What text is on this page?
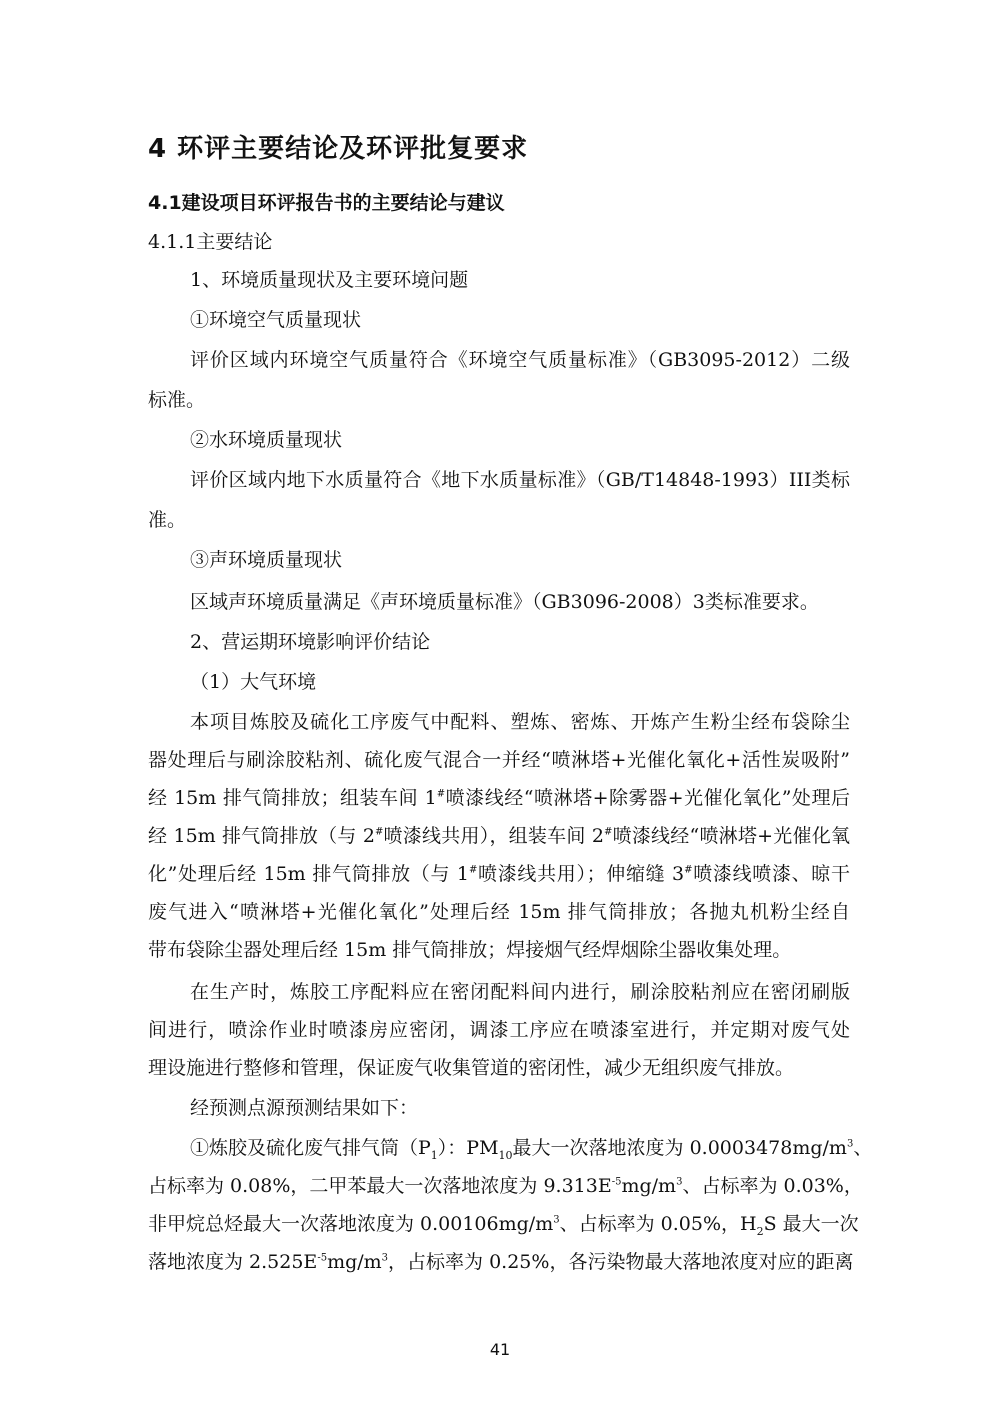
4 环评主要结论及环评批复要求
4.1建设项目环评报告书的主要结论与建议
4.1.1主要结论
1、环境质量现状及主要环境问题
①环境空气质量现状
评价区域内环境空气质量符合《环境空气质量标准》（GB3095-2012）二级
标准。
②水环境质量现状
评价区域内地下水质量符合《地下水质量标准》（GB/T14848-1993）III类标
准。
③声环境质量现状
区域声环境质量满足《声环境质量标准》（GB3096-2008）3类标准要求。
2、营运期环境影响评价结论
（1）大气环境
本项目炼胶及硫化工序废气中配料、塑炼、密炼、开炼产生粉尘经布袋除尘
器处理后与刷涂胶粘剂、硫化废气混合一并经“喷淋塔+光催化氧化+活性炭吸附”
经 15m 排气筒排放；组装车间 1#喷漆线经“喷淋塔+除雾器+光催化氧化”处理后
经 15m 排气筒排放（与 2#喷漆线共用），组装车间 2#喷漆线经“喷淋塔+光催化氧
化”处理后经 15m 排气筒排放（与 1#喷漆线共用）；伸缩缝 3#喷漆线喷漆、晾干
废气进入“喷淋塔+光催化氧化”处理后经 15m 排气筒排放；各抛丸机粉尘经自
带布袋除尘器处理后经 15m 排气筒排放；焊接烟气经焊烟除尘器收集处理。
在生产时，炼胶工序配料应在密闭配料间内进行，刷涂胶粘剂应在密闭刷版
间进行，喷涂作业时喷漆房应密闭，调漆工序应在喷漆室进行，并定期对废气处
理设施进行整修和管理，保证废气收集管道的密闭性，减少无组织废气排放。
经预测点源预测结果如下：
①炼胶及硫化废气排气筒$(P_1)$：$PM_{10}$最大一次落地浓度为 $0.0003478mg/m^3$、
占标率为 0.08%，二甲苯最大一次落地浓度为 $9.313E^{-5}mg/m^3$、占标率为 0.03%，
非甲烷总烃最大一次落地浓度为 $0.00106mg/m^3$、占标率为 0.05%，$H_2S$ 最大一次
落地浓度为 $2.525E^{-5}mg/m^3$，占标率为 0.25%，各污染物最大落地浓度对应的距离
41
